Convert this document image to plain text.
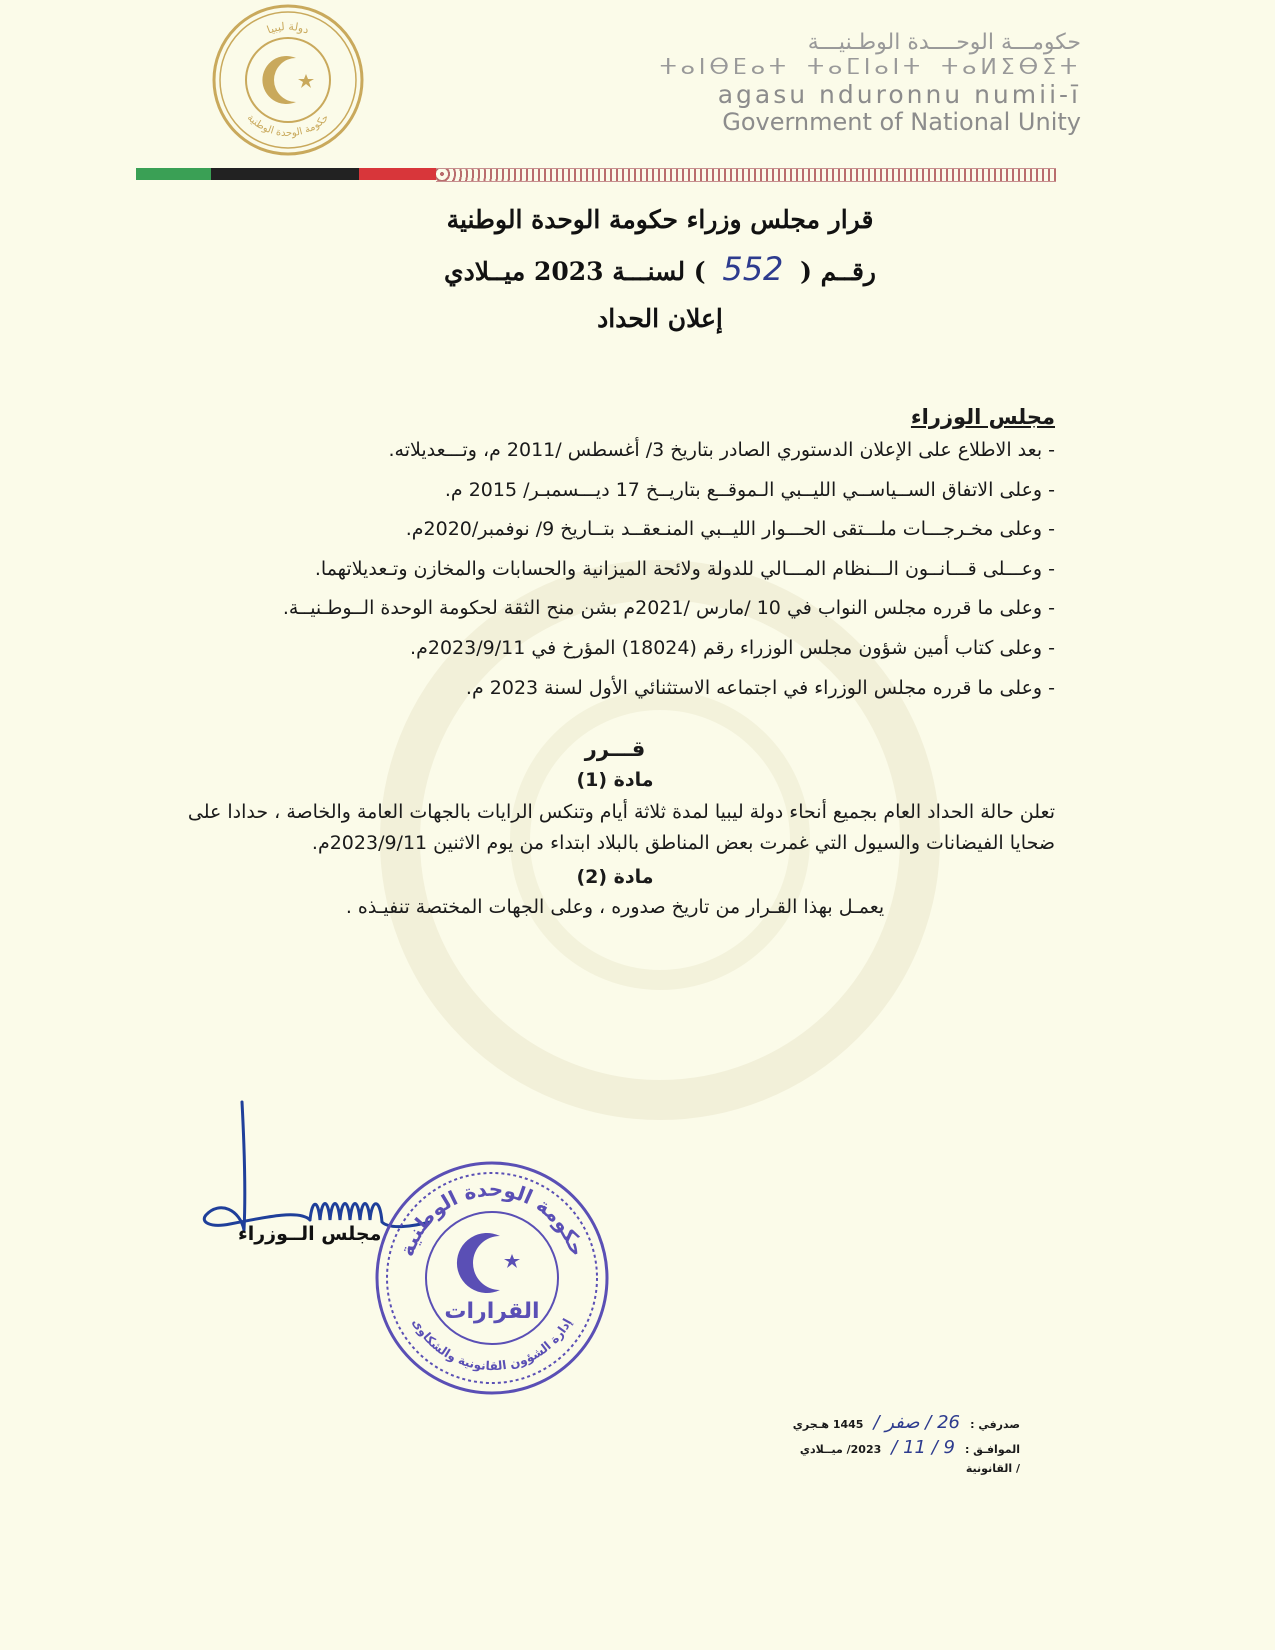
دولة ليبيا
حكومة الوحدة الوطنية
حكومـــة الوحــــدة الوطـنيـــة
ⵜⴰⵏⴱⴹⴰⵜ ⵜⴰⵎⵏⴰⵏⵜ ⵜⴰⵍⵉⴱⵉⵜ
agasu nduronnu numii-ī
Government of National Unity
قرار مجلس وزراء حكومة الوحدة الوطنية
رقــم ( 552 ) لسنـــة 2023 ميــلادي
إعلان الحداد
مجلس الوزراء

- بعد الاطلاع على الإعلان الدستوري الصادر بتاريخ 3/ أغسطس /2011 م، وتـــعديلاته.

- وعلى الاتفاق الســياســي الليــبي الـموقــع بتاريــخ 17 ديـــسمبـر/ 2015 م.

- وعلى مخـرجـــات ملـــتقى الحـــوار الليــبي المنـعقــد بتــاريخ 9/ نوفمبر/2020م.

- وعـــلى قـــانــون الـــنظام المـــالي للدولة ولائحة الميزانية والحسابات والمخازن وتـعديلاتهما.

- وعلى ما قرره مجلس النواب في 10 /مارس /2021م بشن منح الثقة لحكومة الوحدة الــوطـنيــة.

- وعلى كتاب أمين شؤون مجلس الوزراء رقم (18024) المؤرخ في 2023/9/11م.

- وعلى ما قرره مجلس الوزراء في اجتماعه الاستثنائي الأول لسنة 2023 م.

قـــرر
مادة (1)
تعلن حالة الحداد العام بجميع أنحاء دولة ليبيا لمدة ثلاثة أيام وتنكس الرايات بالجهات العامة والخاصة ، حدادا على ضحايا الفيضانات والسيول التي غمرت بعض المناطق بالبلاد ابتداء من يوم الاثنين 2023/9/11م.
مادة (2)
يعمـل بهذا القـرار من تاريخ صدوره ، وعلى الجهات المختصة تنفيـذه .
مجلس الــوزراء
حكومة الوحدة الوطنية
القرارات
إدارة الشؤون القانونية والشكاوى
صدرفي :
26 / صفر /
1445 هـجري
الموافـق :
9 / 11 /
2023/ ميــلادي
/ القانونية
